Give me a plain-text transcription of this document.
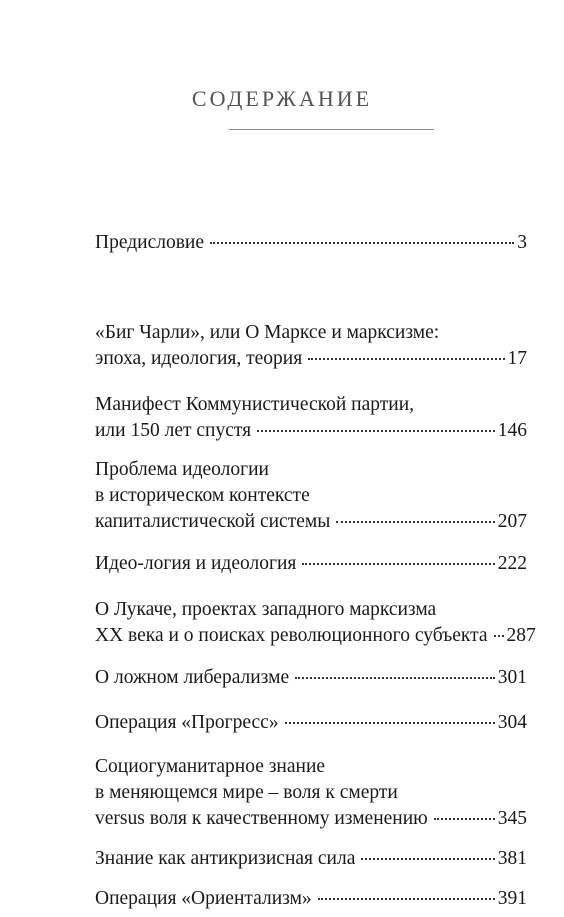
СОДЕРЖАНИЕ
Предисловие	3
«Биг Чарли», или О Марксе и марксизме:
эпоха, идеология, теория	17
Манифест Коммунистической партии,
или 150 лет спустя	146
Проблема идеологии
в историческом контексте
капиталистической системы	207
Идео-логия и идеология	222
О Лукаче, проектах западного марксизма
XX века и о поисках революционного субъекта 287
О ложном либерализме	301
Операция «Прогресс»	304
Социогуманитарное знание
в меняющемся мире – воля к смерти
versus воля к качественному изменению	345
Знание как антикризисная сила	381
Операция «Ориентализм»	391
